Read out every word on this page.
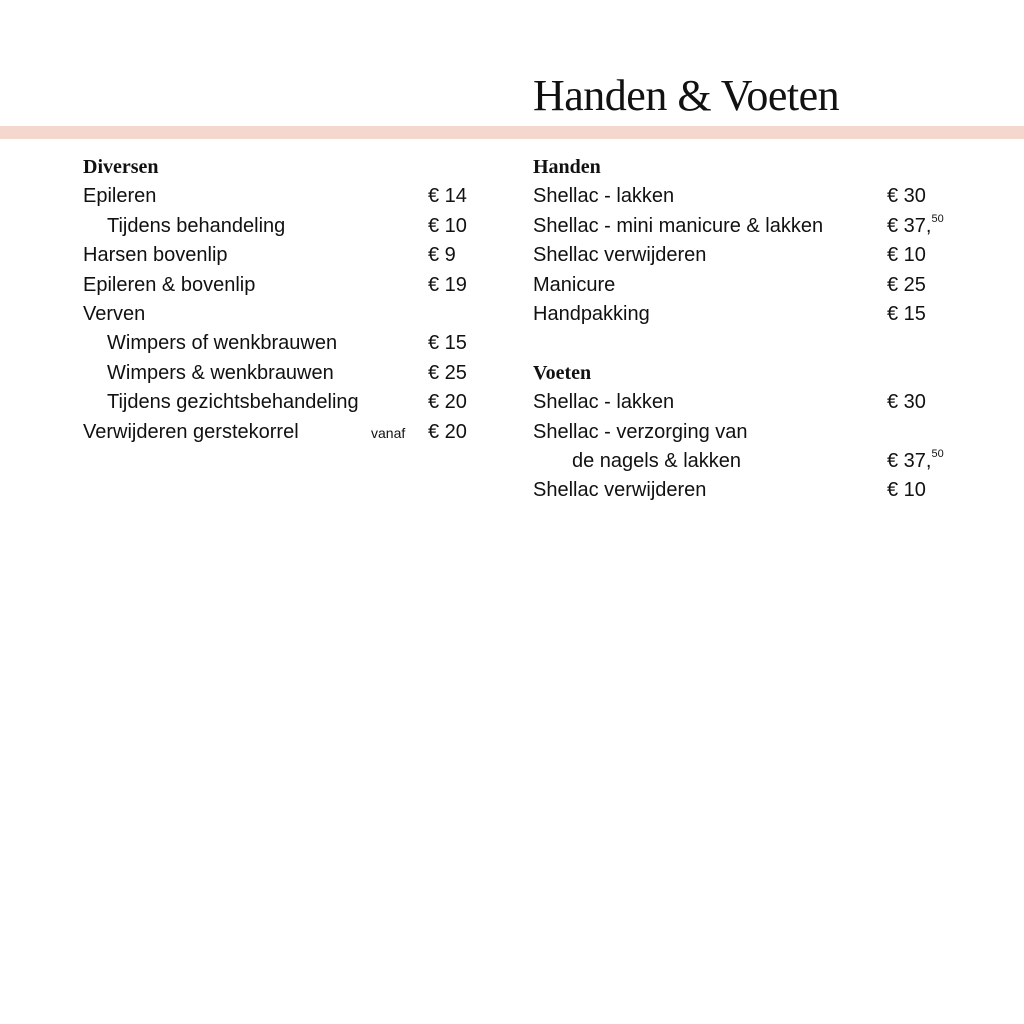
Handen & Voeten
Diversen
Epileren	€ 14
Tijdens behandeling	€ 10
Harsen bovenlip	€ 9
Epileren & bovenlip	€ 19
Verven
Wimpers of wenkbrauwen	€ 15
Wimpers & wenkbrauwen	€ 25
Tijdens gezichtsbehandeling	€ 20
Verwijderen gerstekorrel	vanaf € 20
Handen
Shellac - lakken	€ 30
Shellac - mini manicure & lakken	€ 37,50
Shellac verwijderen	€ 10
Manicure	€ 25
Handpakking	€ 15
Voeten
Shellac - lakken	€ 30
Shellac - verzorging van
de nagels & lakken	€ 37,50
Shellac verwijderen	€ 10
